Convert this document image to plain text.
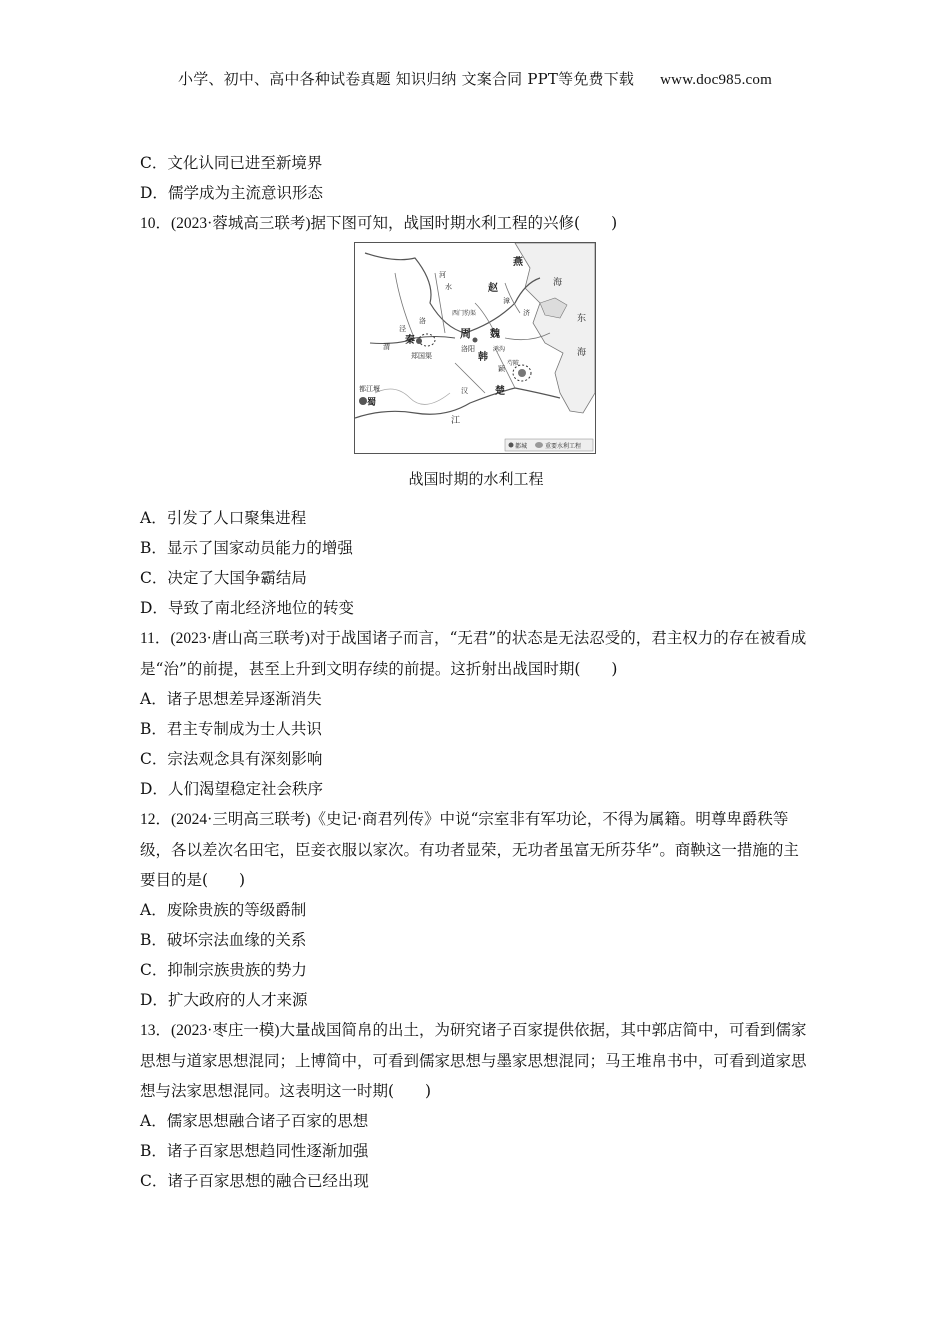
小学、初中、高中各种试卷真题 知识归纳 文案合同 PPT等免费下载 www.doc985.com
C．文化认同已进至新境界
D．儒学成为主流意识形态
10．(2023·蓉城高三联考)据下图可知，战国时期水利工程的兴修(　　)
燕
赵
周 魏
韩
楚
秦
蜀
河
水
渭
泾
洛
漳
济
颖
江
汉
郑国渠
都江堰
西门豹渠
鸿沟
芍陂
洛阳
海
东
海
都城	重要水利工程
战国时期的水利工程
A．引发了人口聚集进程
B．显示了国家动员能力的增强
C．决定了大国争霸结局
D．导致了南北经济地位的转变
11．(2023·唐山高三联考)对于战国诸子而言，“无君”的状态是无法忍受的，君主权力的存在被看成是“治”的前提，甚至上升到文明存续的前提。这折射出战国时期(　　)
A．诸子思想差异逐渐消失
B．君主专制成为士人共识
C．宗法观念具有深刻影响
D．人们渴望稳定社会秩序
12．(2024·三明高三联考)《史记·商君列传》中说“宗室非有军功论，不得为属籍。明尊卑爵秩等级，各以差次名田宅，臣妾衣服以家次。有功者显荣，无功者虽富无所芬华”。商鞅这一措施的主要目的是(　　)
A．废除贵族的等级爵制
B．破坏宗法血缘的关系
C．抑制宗族贵族的势力
D．扩大政府的人才来源
13．(2023·枣庄一模)大量战国简帛的出土，为研究诸子百家提供依据，其中郭店简中，可看到儒家思想与道家思想混同；上博简中，可看到儒家思想与墨家思想混同；马王堆帛书中，可看到道家思想与法家思想混同。这表明这一时期(　　)
A．儒家思想融合诸子百家的思想
B．诸子百家思想趋同性逐渐加强
C．诸子百家思想的融合已经出现
